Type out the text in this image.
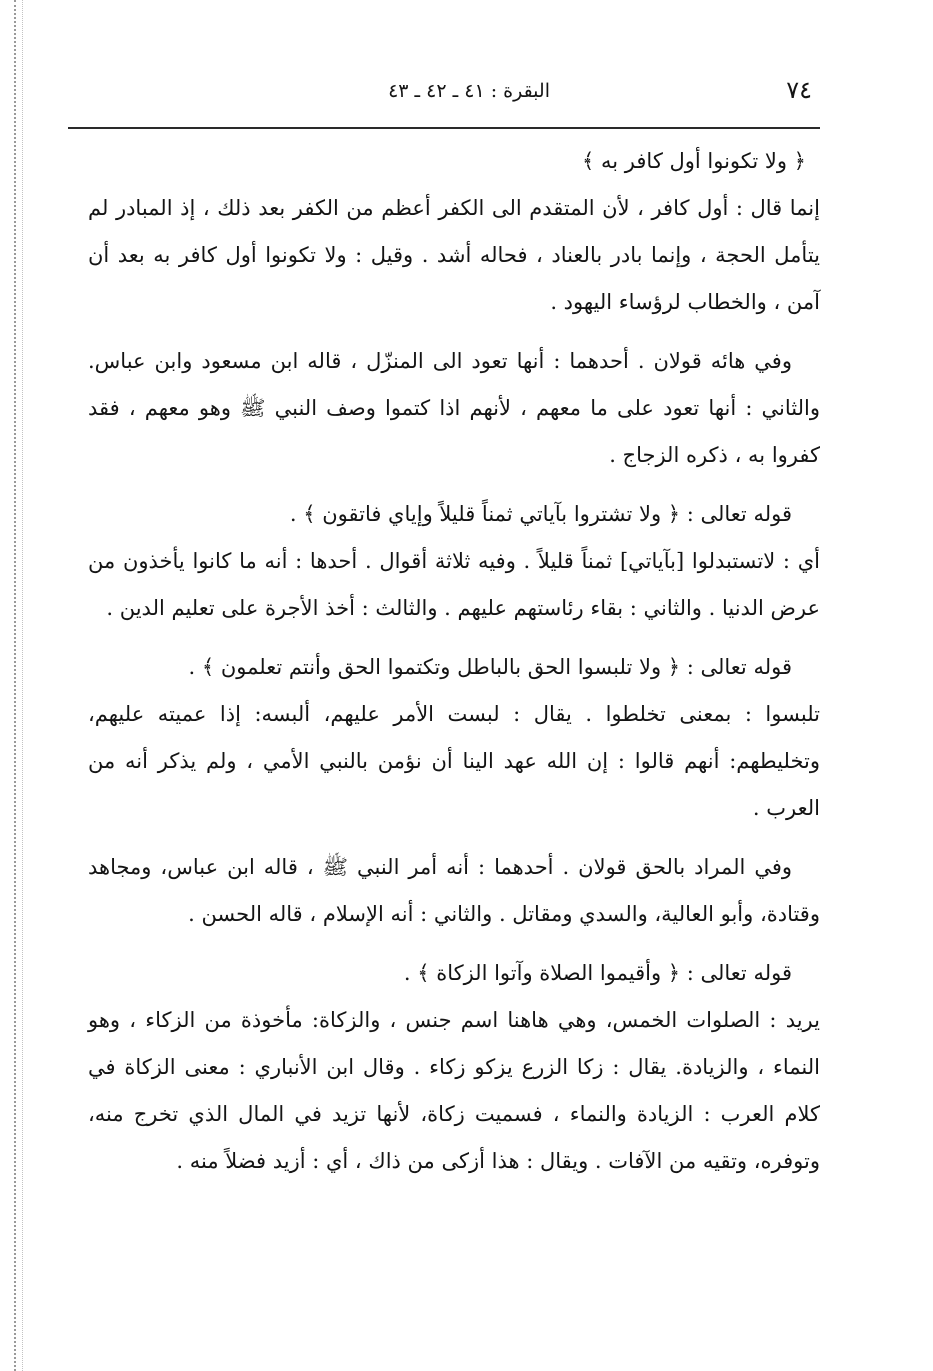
٧٤
البقرة : ٤١ ـ ٤٢ ـ ٤٣

﴿ ولا تكونوا أول كافر به ﴾

إنما قال : أول كافر ، لأن المتقدم الى الكفر أعظم من الكفر بعد ذلك ، إذ المبادر لم يتأمل الحجة ، وإنما بادر بالعناد ، فحاله أشد . وقيل : ولا تكونوا أول كافر به بعد أن آمن ، والخطاب لرؤساء اليهود .

وفي هائه قولان . أحدهما : أنها تعود الى المنزّل ، قاله ابن مسعود وابن عباس. والثاني : أنها تعود على ما معهم ، لأنهم اذا كتموا وصف النبي ﷺ وهو معهم ، فقد كفروا به ، ذكره الزجاج .

قوله تعالى : ﴿ ولا تشتروا بآياتي ثمناً قليلاً وإياي فاتقون ﴾ .

أي : لاتستبدلوا [بآياتي] ثمناً قليلاً . وفيه ثلاثة أقوال . أحدها : أنه ما كانوا يأخذون من عرض الدنيا . والثاني : بقاء رئاستهم عليهم . والثالث : أخذ الأجرة على تعليم الدين .

قوله تعالى : ﴿ ولا تلبسوا الحق بالباطل وتكتموا الحق وأنتم تعلمون ﴾ .

تلبسوا : بمعنى تخلطوا . يقال : لبست الأمر عليهم، ألبسه: إذا عميته عليهم، وتخليطهم: أنهم قالوا : إن الله عهد الينا أن نؤمن بالنبي الأمي ، ولم يذكر أنه من العرب .

وفي المراد بالحق قولان . أحدهما : أنه أمر النبي ﷺ ، قاله ابن عباس، ومجاهد وقتادة، وأبو العالية، والسدي ومقاتل . والثاني : أنه الإسلام ، قاله الحسن .

قوله تعالى : ﴿ وأقيموا الصلاة وآتوا الزكاة ﴾ .

يريد : الصلوات الخمس، وهي هاهنا اسم جنس ، والزكاة: مأخوذة من الزكاء ، وهو النماء ، والزيادة. يقال : زكا الزرع يزكو زكاء . وقال ابن الأنباري : معنى الزكاة في كلام العرب : الزيادة والنماء ، فسميت زكاة، لأنها تزيد في المال الذي تخرج منه، وتوفره، وتقيه من الآفات . ويقال : هذا أزكى من ذاك ، أي : أزيد فضلاً منه .
